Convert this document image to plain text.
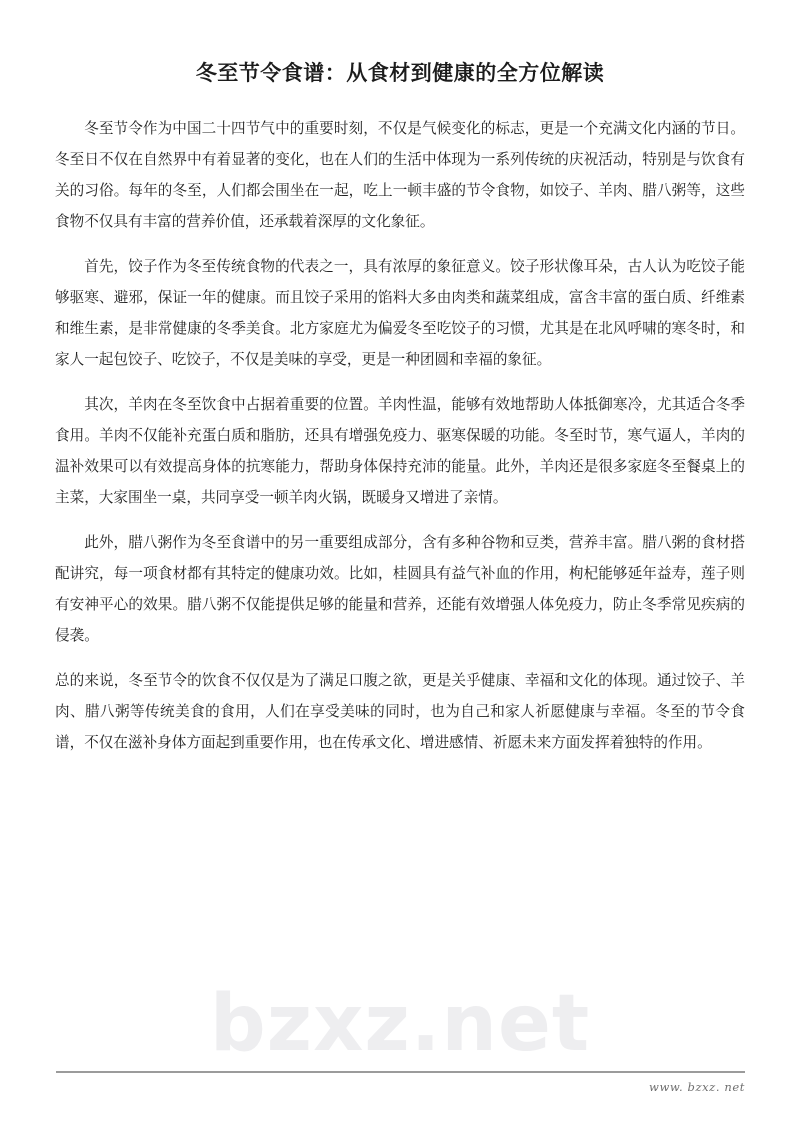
bzxz.net
冬至节令食谱：从食材到健康的全方位解读

冬至节令作为中国二十四节气中的重要时刻，不仅是气候变化的标志，更是一个充满文化内涵的节日。冬至日不仅在自然界中有着显著的变化，也在人们的生活中体现为一系列传统的庆祝活动，特别是与饮食有关的习俗。每年的冬至，人们都会围坐在一起，吃上一顿丰盛的节令食物，如饺子、羊肉、腊八粥等，这些食物不仅具有丰富的营养价值，还承载着深厚的文化象征。

首先，饺子作为冬至传统食物的代表之一，具有浓厚的象征意义。饺子形状像耳朵，古人认为吃饺子能够驱寒、避邪，保证一年的健康。而且饺子采用的馅料大多由肉类和蔬菜组成，富含丰富的蛋白质、纤维素和维生素，是非常健康的冬季美食。北方家庭尤为偏爱冬至吃饺子的习惯，尤其是在北风呼啸的寒冬时，和家人一起包饺子、吃饺子，不仅是美味的享受，更是一种团圆和幸福的象征。

其次，羊肉在冬至饮食中占据着重要的位置。羊肉性温，能够有效地帮助人体抵御寒冷，尤其适合冬季食用。羊肉不仅能补充蛋白质和脂肪，还具有增强免疫力、驱寒保暖的功能。冬至时节，寒气逼人，羊肉的温补效果可以有效提高身体的抗寒能力，帮助身体保持充沛的能量。此外，羊肉还是很多家庭冬至餐桌上的主菜，大家围坐一桌，共同享受一顿羊肉火锅，既暖身又增进了亲情。

此外，腊八粥作为冬至食谱中的另一重要组成部分，含有多种谷物和豆类，营养丰富。腊八粥的食材搭配讲究，每一项食材都有其特定的健康功效。比如，桂圆具有益气补血的作用，枸杞能够延年益寿，莲子则有安神平心的效果。腊八粥不仅能提供足够的能量和营养，还能有效增强人体免疫力，防止冬季常见疾病的侵袭。

总的来说，冬至节令的饮食不仅仅是为了满足口腹之欲，更是关乎健康、幸福和文化的体现。通过饺子、羊肉、腊八粥等传统美食的食用，人们在享受美味的同时，也为自己和家人祈愿健康与幸福。冬至的节令食谱，不仅在滋补身体方面起到重要作用，也在传承文化、增进感情、祈愿未来方面发挥着独特的作用。

www. bzxz. net
